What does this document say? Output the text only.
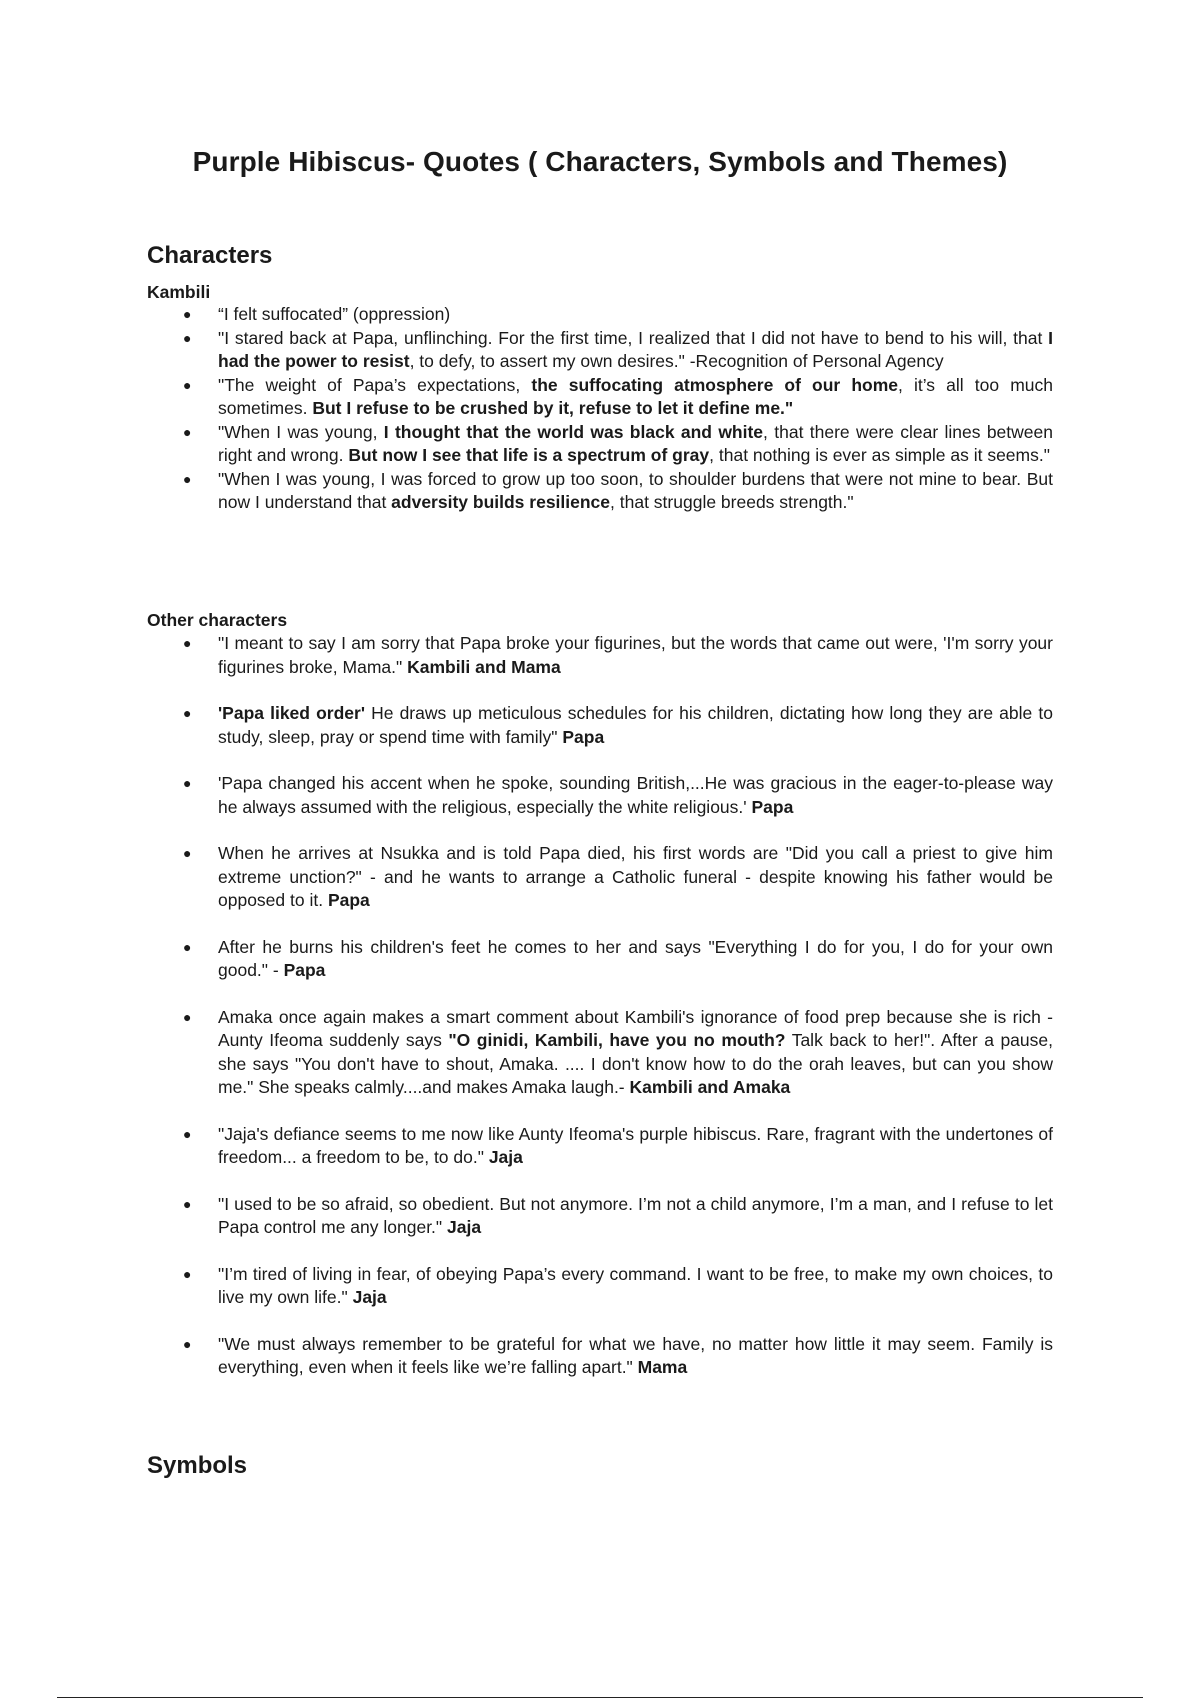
Purple Hibiscus- Quotes ( Characters, Symbols and Themes)
Characters
Kambili
● “I felt suffocated” (oppression)
● "I stared back at Papa, unflinching. For the first time, I realized that I did not have to bend to his will, that I had the power to resist, to defy, to assert my own desires." -Recognition of Personal Agency
● "The weight of Papa’s expectations, the suffocating atmosphere of our home, it’s all too much sometimes. But I refuse to be crushed by it, refuse to let it define me."
● "When I was young, I thought that the world was black and white, that there were clear lines between right and wrong. But now I see that life is a spectrum of gray, that nothing is ever as simple as it seems."
● "When I was young, I was forced to grow up too soon, to shoulder burdens that were not mine to bear. But now I understand that adversity builds resilience, that struggle breeds strength."
Other characters
● "I meant to say I am sorry that Papa broke your figurines, but the words that came out were, 'I'm sorry your figurines broke, Mama." Kambili and Mama
● 'Papa liked order' He draws up meticulous schedules for his children, dictating how long they are able to study, sleep, pray or spend time with family" Papa
● 'Papa changed his accent when he spoke, sounding British,...He was gracious in the eager-to-please way he always assumed with the religious, especially the white religious.' Papa
● When he arrives at Nsukka and is told Papa died, his first words are "Did you call a priest to give him extreme unction?" - and he wants to arrange a Catholic funeral - despite knowing his father would be opposed to it. Papa
● After he burns his children's feet he comes to her and says "Everything I do for you, I do for your own good." - Papa
● Amaka once again makes a smart comment about Kambili's ignorance of food prep because she is rich - Aunty Ifeoma suddenly says "O ginidi, Kambili, have you no mouth? Talk back to her!". After a pause, she says "You don't have to shout, Amaka. .... I don't know how to do the orah leaves, but can you show me." She speaks calmly....and makes Amaka laugh.- Kambili and Amaka
● "Jaja's defiance seems to me now like Aunty Ifeoma's purple hibiscus. Rare, fragrant with the undertones of freedom... a freedom to be, to do." Jaja
● "I used to be so afraid, so obedient. But not anymore. I’m not a child anymore, I’m a man, and I refuse to let Papa control me any longer." Jaja
● "I’m tired of living in fear, of obeying Papa’s every command. I want to be free, to make my own choices, to live my own life." Jaja
● "We must always remember to be grateful for what we have, no matter how little it may seem. Family is everything, even when it feels like we’re falling apart." Mama
Symbols
